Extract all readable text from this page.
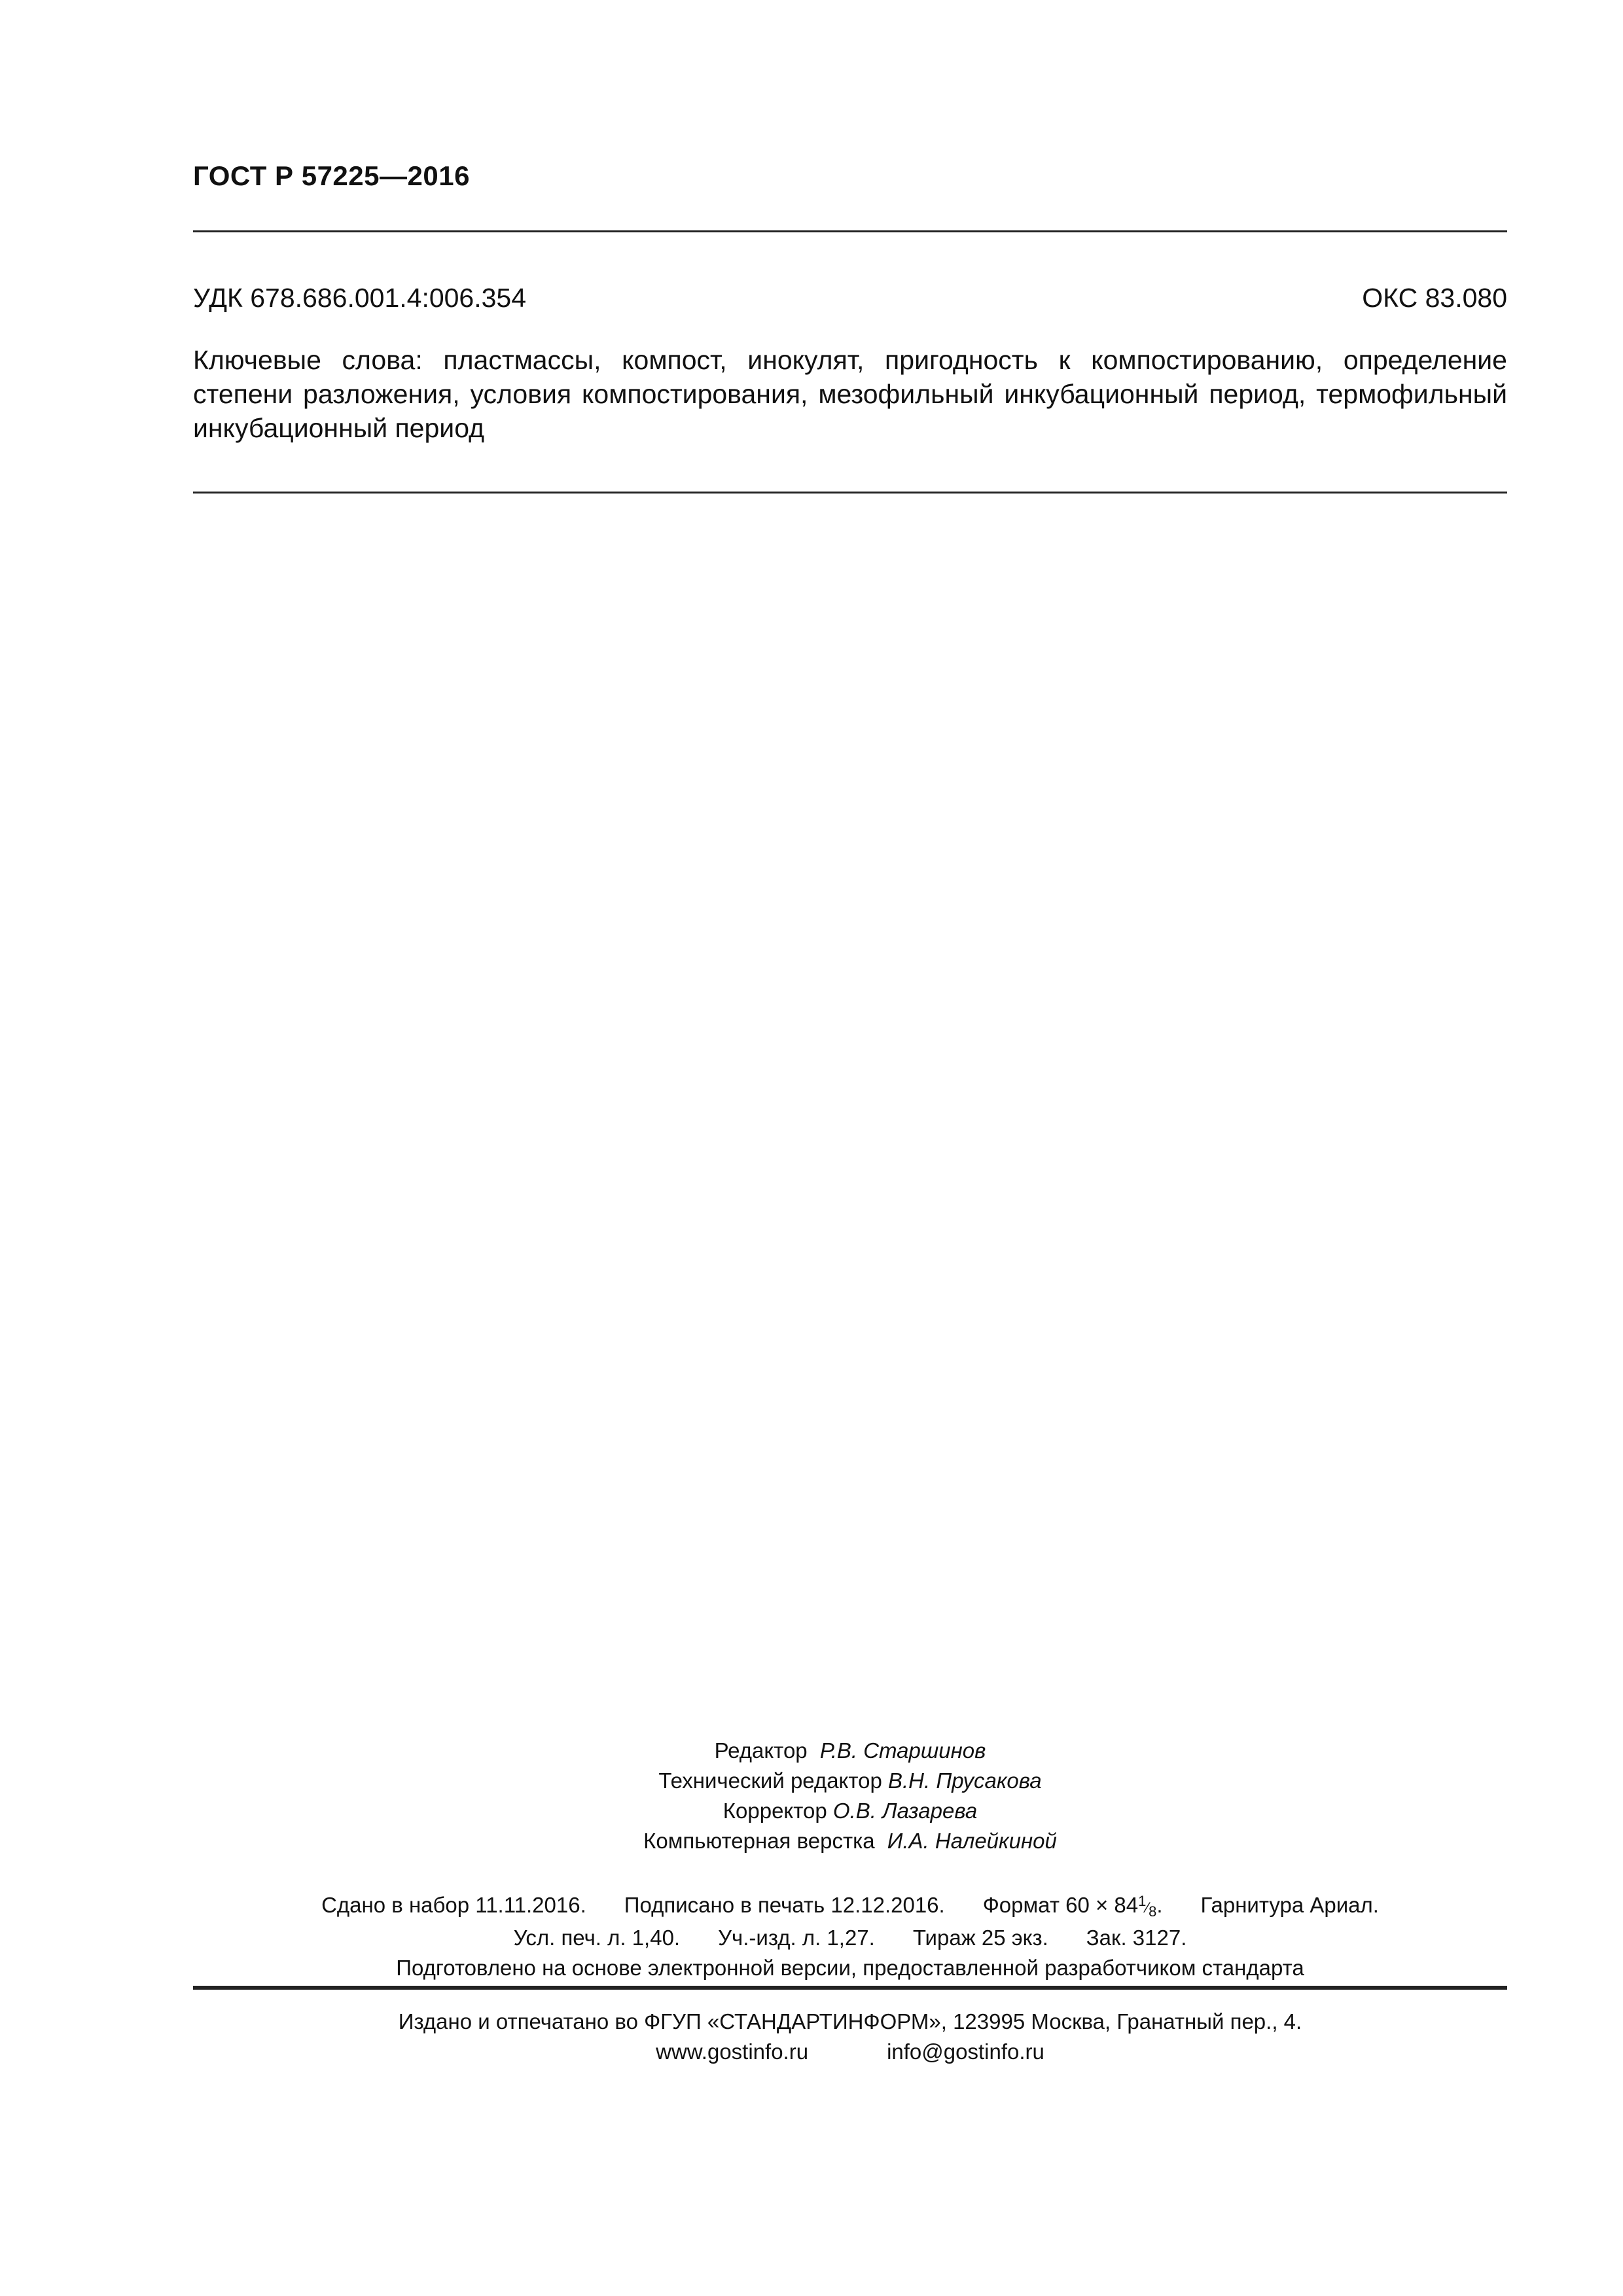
ГОСТ Р 57225—2016
УДК 678.686.001.4:006.354	ОКС 83.080
Ключевые слова: пластмассы, компост, инокулят, пригодность к компостированию, определение степени разложения, условия компостирования, мезофильный инкубационный период, термофильный инкубационный период
Редактор Р.В. Старшинов
Технический редактор В.Н. Прусакова
Корректор О.В. Лазарева
Компьютерная верстка И.А. Налейкиной
Сдано в набор 11.11.2016. Подписано в печать 12.12.2016. Формат 60 × 841⁄8. Гарнитура Ариал.
Усл. печ. л. 1,40. Уч.-изд. л. 1,27. Тираж 25 экз. Зак. 3127.
Подготовлено на основе электронной версии, предоставленной разработчиком стандарта
Издано и отпечатано во ФГУП «СТАНДАРТИНФОРМ», 123995 Москва, Гранатный пер., 4.
www.gostinfo.ru	info@gostinfo.ru
